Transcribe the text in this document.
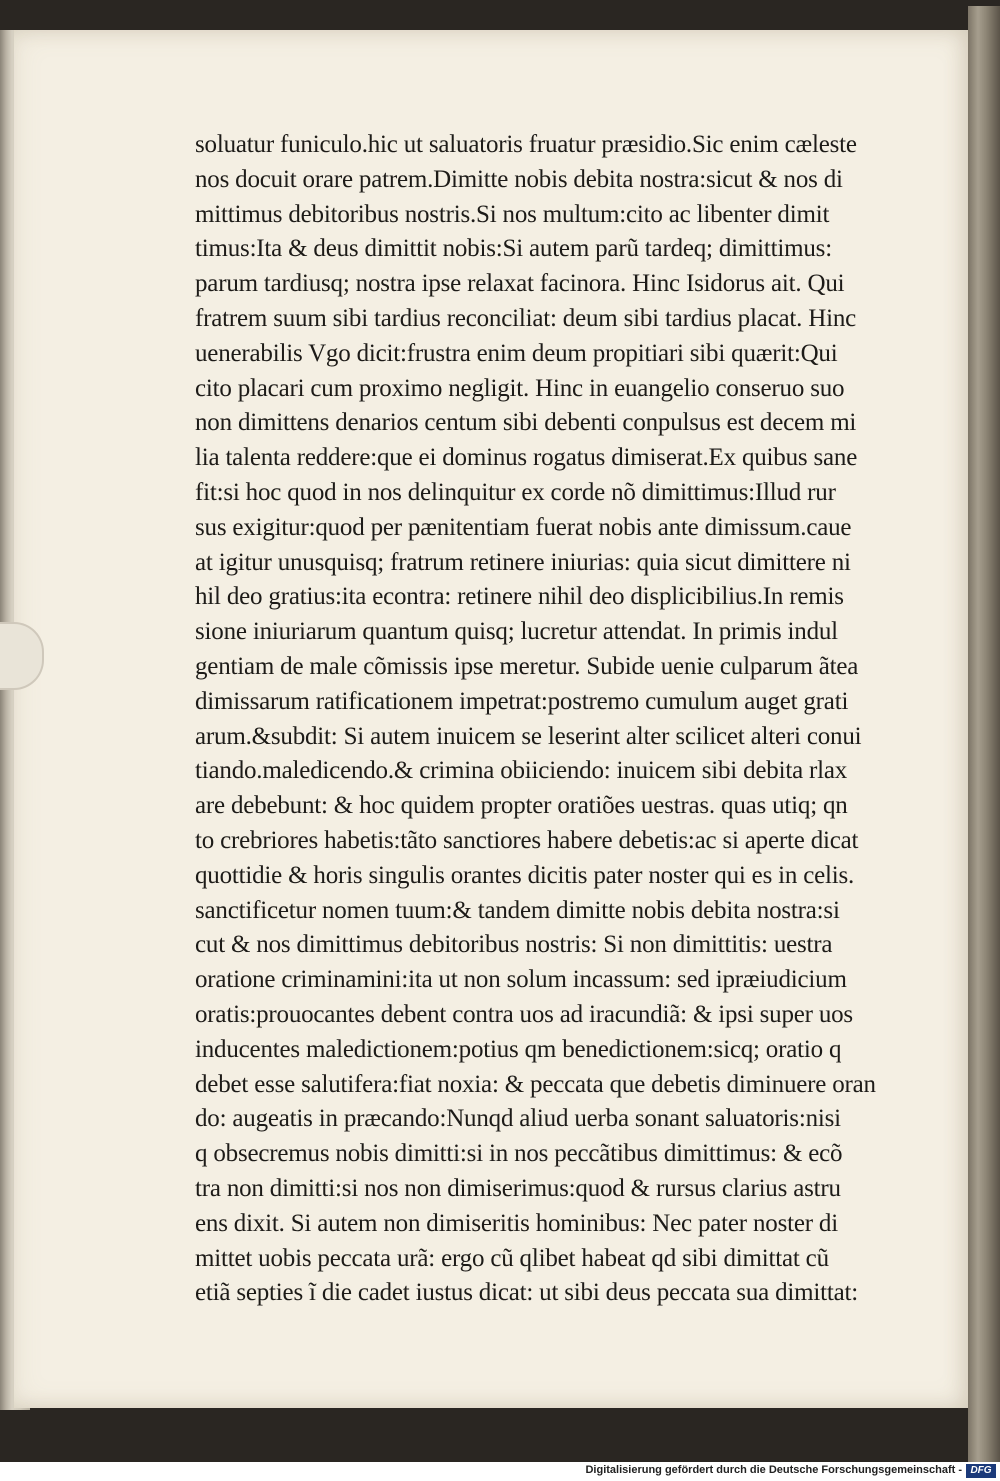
soluatur funiculo.hic ut saluatoris fruatur præsidio.Sic enim cæleste
nos docuit orare patrem.Dimitte nobis debita nostra:sicut & nos di
mittimus debitoribus nostris.Si nos multum:cito ac libenter dimit
timus:Ita & deus dimittit nobis:Si autem parũ tardeq; dimittimus:
parum tardiusq; nostra ipse relaxat facinora. Hinc Isidorus ait. Qui
fratrem suum sibi tardius reconciliat: deum sibi tardius placat. Hinc
uenerabilis Vgo dicit:frustra enim deum propitiari sibi quærit:Qui
cito placari cum proximo negligit. Hinc in euangelio conseruo suo
non dimittens denarios centum sibi debenti conpulsus est decem mi
lia talenta reddere:que ei dominus rogatus dimiserat.Ex quibus sane
fit:si hoc quod in nos delinquitur ex corde nõ dimittimus:Illud rur
sus exigitur:quod per pænitentiam fuerat nobis ante dimissum.caue
at igitur unusquisq; fratrum retinere iniurias: quia sicut dimittere ni
hil deo gratius:ita econtra: retinere nihil deo displicibilius.In remis
sione iniuriarum quantum quisq; lucretur attendat. In primis indul
gentiam de male cõmissis ipse meretur. Subide uenie culparum ãtea
dimissarum ratificationem impetrat:postremo cumulum auget grati
arum.&subdit: Si autem inuicem se leserint alter scilicet alteri conui
tiando.maledicendo.& crimina obiiciendo: inuicem sibi debita rlax
are debebunt: & hoc quidem propter oratiões uestras. quas utiq; qn
to crebriores habetis:tãto sanctiores habere debetis:ac si aperte dicat
quottidie & horis singulis orantes dicitis pater noster qui es in celis.
sanctificetur nomen tuum:& tandem dimitte nobis debita nostra:si
cut & nos dimittimus debitoribus nostris: Si non dimittitis: uestra
oratione criminamini:ita ut non solum incassum: sed ipræiudicium
oratis:prouocantes debent contra uos ad iracundiã: & ipsi super uos
inducentes maledictionem:potius qm benedictionem:sicq; oratio q
debet esse salutifera:fiat noxia: & peccata que debetis diminuere oran
do: augeatis in præcando:Nunqd aliud uerba sonant saluatoris:nisi
q obsecremus nobis dimitti:si in nos peccãtibus dimittimus: & ecõ
tra non dimitti:si nos non dimiserimus:quod & rursus clarius astru
ens dixit. Si autem non dimiseritis hominibus: Nec pater noster di
mittet uobis peccata urã: ergo cũ qlibet habeat qd sibi dimittat cũ
etiã septies ĩ die cadet iustus dicat: ut sibi deus peccata sua dimittat:
Digitalisierung gefördert durch die Deutsche Forschungsgemeinschaft - DFG
